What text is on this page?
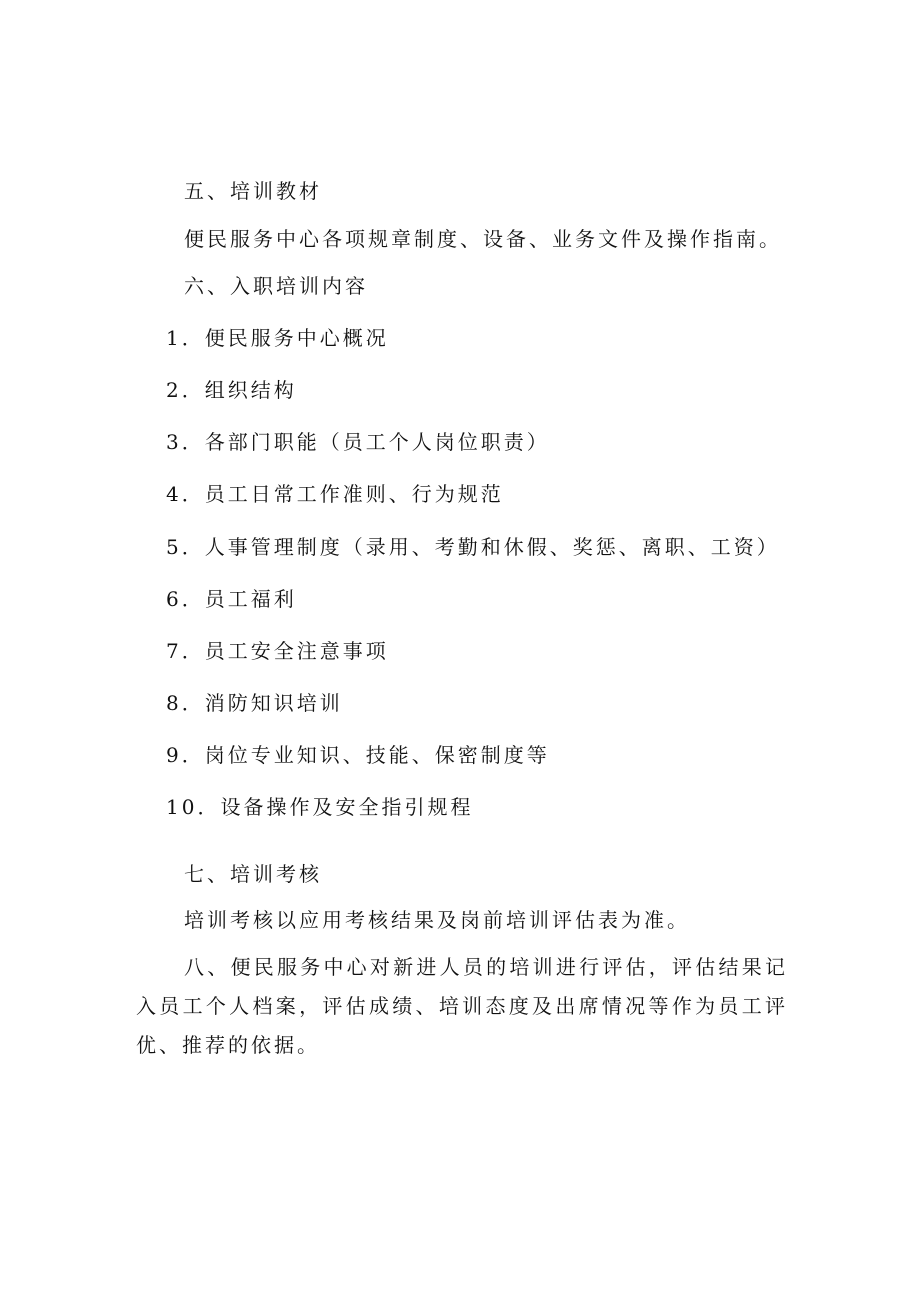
五、培训教材
便民服务中心各项规章制度、设备、业务文件及操作指南。
六、入职培训内容
1．便民服务中心概况
2．组织结构
3．各部门职能（员工个人岗位职责）
4．员工日常工作准则、行为规范
5．人事管理制度（录用、考勤和休假、奖惩、离职、工资）
6．员工福利
7．员工安全注意事项
8．消防知识培训
9．岗位专业知识、技能、保密制度等
10．设备操作及安全指引规程
七、培训考核
培训考核以应用考核结果及岗前培训评估表为准。
八、便民服务中心对新进人员的培训进行评估，评估结果记入员工个人档案，评估成绩、培训态度及出席情况等作为员工评优、推荐的依据。
